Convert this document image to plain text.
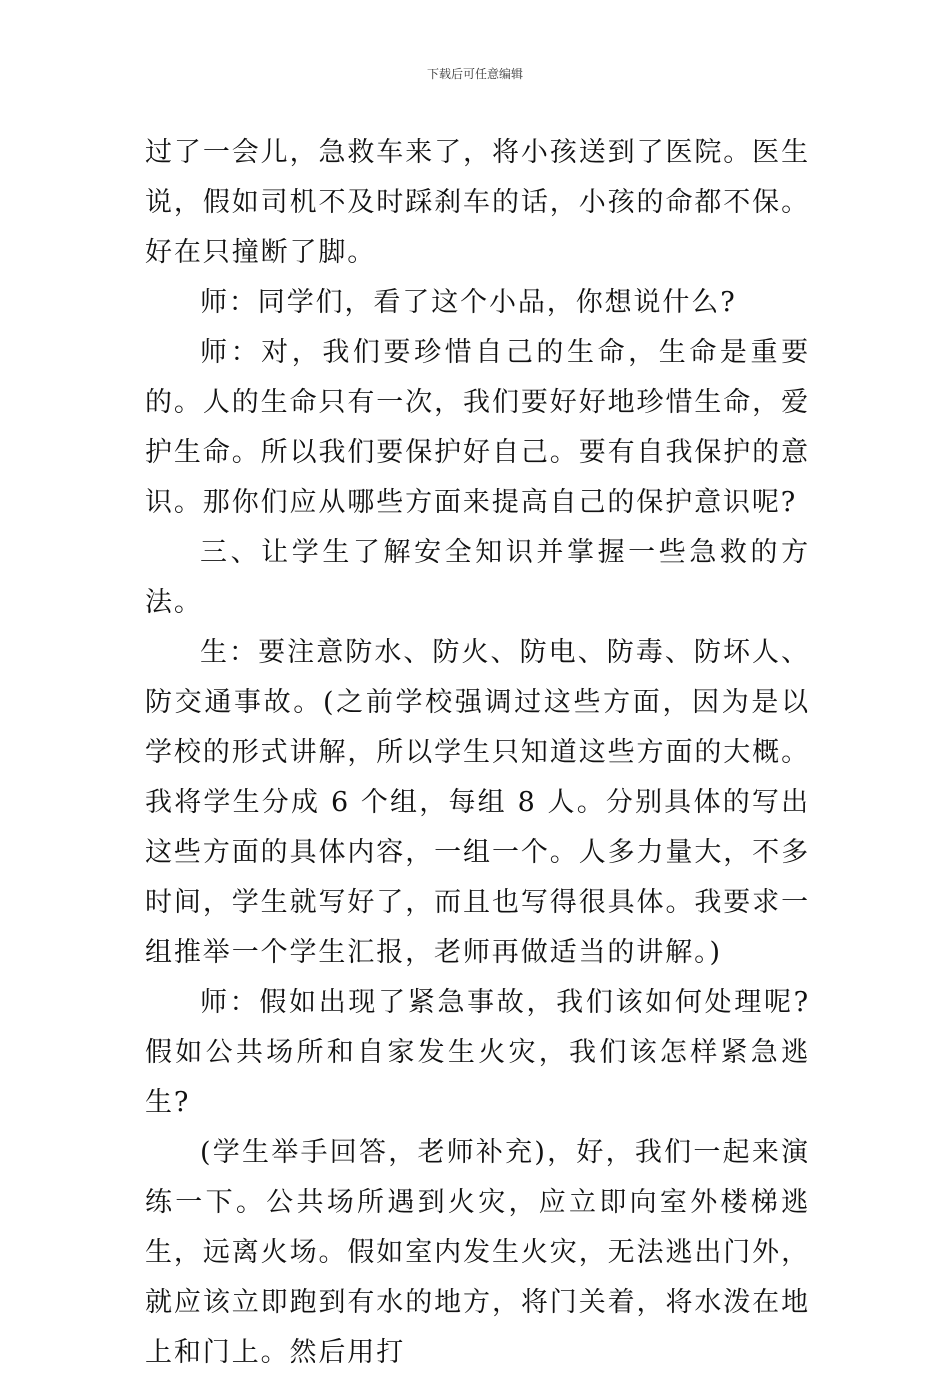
下载后可任意编辑

过了一会儿，急救车来了，将小孩送到了医院。医生说，假如司机不及时踩刹车的话，小孩的命都不保。好在只撞断了脚。

师：同学们，看了这个小品，你想说什么?

师：对，我们要珍惜自己的生命，生命是重要的。人的生命只有一次，我们要好好地珍惜生命，爱护生命。所以我们要保护好自己。要有自我保护的意识。那你们应从哪些方面来提高自己的保护意识呢?

三、让学生了解安全知识并掌握一些急救的方法。

生：要注意防水、防火、防电、防毒、防坏人、防交通事故。(之前学校强调过这些方面，因为是以学校的形式讲解，所以学生只知道这些方面的大概。我将学生分成 6 个组，每组 8 人。分别具体的写出这些方面的具体内容，一组一个。人多力量大，不多时间，学生就写好了，而且也写得很具体。我要求一组推举一个学生汇报，老师再做适当的讲解。)

师：假如出现了紧急事故，我们该如何处理呢?假如公共场所和自家发生火灾，我们该怎样紧急逃生?

(学生举手回答，老师补充)，好，我们一起来演练一下。公共场所遇到火灾，应立即向室外楼梯逃生，远离火场。假如室内发生火灾，无法逃出门外，就应该立即跑到有水的地方，将门关着，将水泼在地上和门上。然后用打
